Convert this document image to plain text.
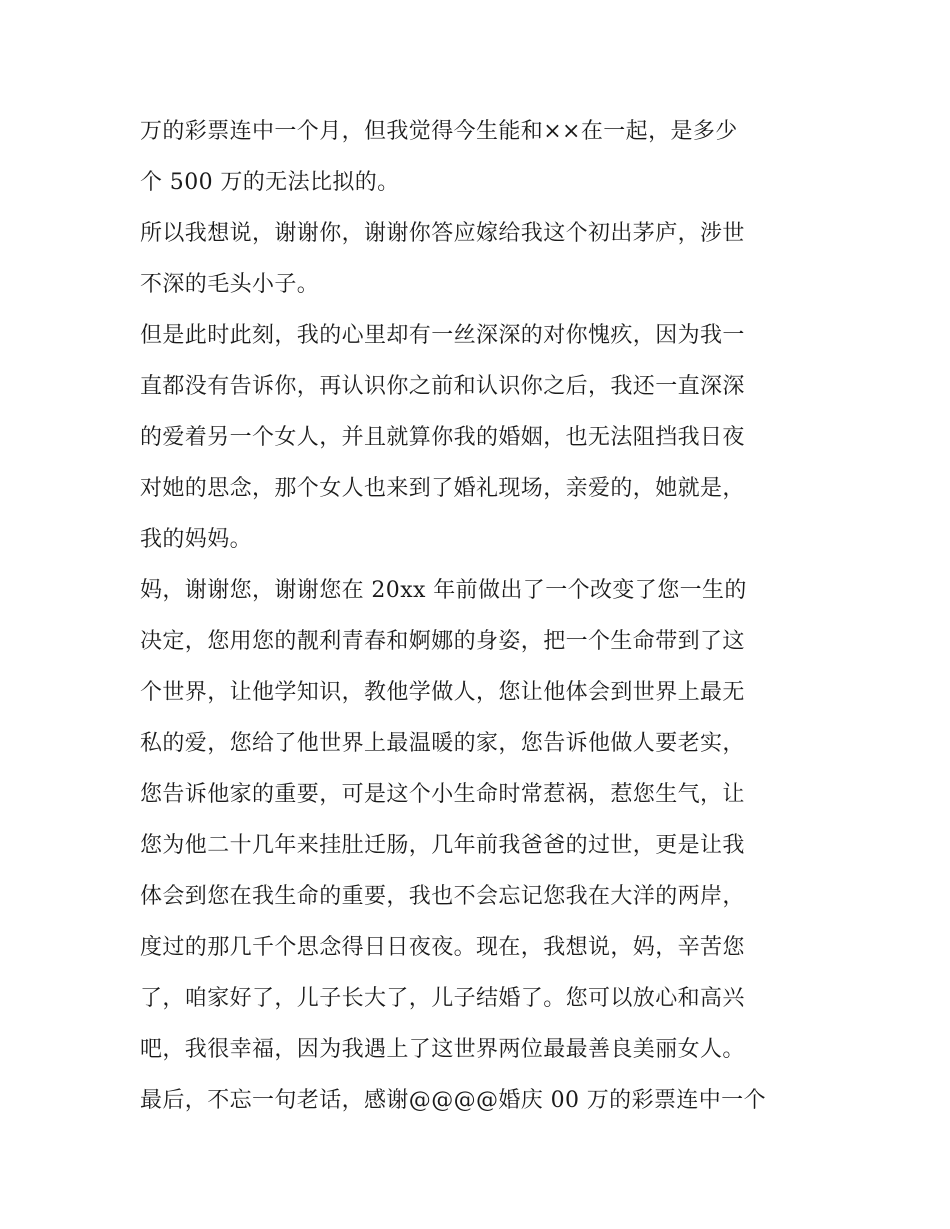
万的彩票连中一个月，但我觉得今生能和××在一起，是多少
个 500 万的无法比拟的。
所以我想说，谢谢你，谢谢你答应嫁给我这个初出茅庐，涉世
不深的毛头小子。
但是此时此刻，我的心里却有一丝深深的对你愧疚，因为我一
直都没有告诉你，再认识你之前和认识你之后，我还一直深深
的爱着另一个女人，并且就算你我的婚姻，也无法阻挡我日夜
对她的思念，那个女人也来到了婚礼现场，亲爱的，她就是，
我的妈妈。
妈，谢谢您，谢谢您在 20xx 年前做出了一个改变了您一生的
决定，您用您的靓利青春和婀娜的身姿，把一个生命带到了这
个世界，让他学知识，教他学做人，您让他体会到世界上最无
私的爱，您给了他世界上最温暖的家，您告诉他做人要老实，
您告诉他家的重要，可是这个小生命时常惹祸，惹您生气，让
您为他二十几年来挂肚迁肠，几年前我爸爸的过世，更是让我
体会到您在我生命的重要，我也不会忘记您我在大洋的两岸，
度过的那几千个思念得日日夜夜。现在，我想说，妈，辛苦您
了，咱家好了，儿子长大了，儿子结婚了。您可以放心和高兴
吧，我很幸福，因为我遇上了这世界两位最最善良美丽女人。
最后，不忘一句老话，感谢@@@@婚庆 00 万的彩票连中一个
